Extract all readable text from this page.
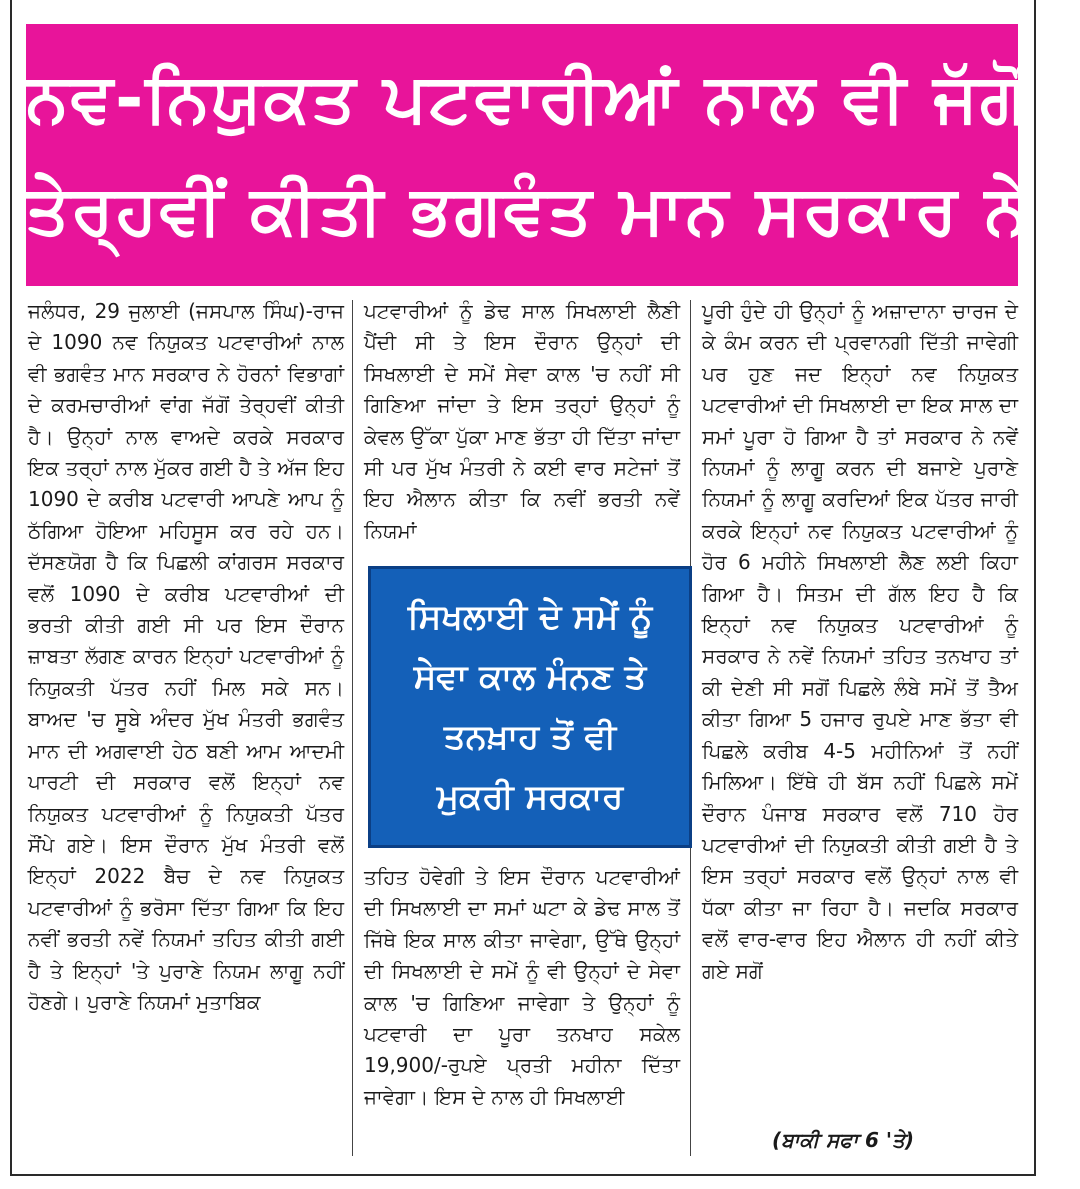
ਨਵ-ਨਿਯੁਕਤ ਪਟਵਾਰੀਆਂ ਨਾਲ ਵੀ ਜੱਗੋਂ
ਤੇਰ੍ਹਵੀਂ ਕੀਤੀ ਭਗਵੰਤ ਮਾਨ ਸਰਕਾਰ ਨੇ

ਜਲੰਧਰ, 29 ਜੁਲਾਈ (ਜਸਪਾਲ ਸਿੰਘ)-ਰਾਜ ਦੇ 1090 ਨਵ ਨਿਯੁਕਤ ਪਟਵਾਰੀਆਂ ਨਾਲ ਵੀ ਭਗਵੰਤ ਮਾਨ ਸਰਕਾਰ ਨੇ ਹੋਰਨਾਂ ਵਿਭਾਗਾਂ ਦੇ ਕਰਮਚਾਰੀਆਂ ਵਾਂਗ ਜੱਗੋਂ ਤੇਰ੍ਹਵੀਂ ਕੀਤੀ ਹੈ। ਉਨ੍ਹਾਂ ਨਾਲ ਵਾਅਦੇ ਕਰਕੇ ਸਰਕਾਰ ਇਕ ਤਰ੍ਹਾਂ ਨਾਲ ਮੁੱਕਰ ਗਈ ਹੈ ਤੇ ਅੱਜ ਇਹ 1090 ਦੇ ਕਰੀਬ ਪਟਵਾਰੀ ਆਪਣੇ ਆਪ ਨੂੰ ਠੱਗਿਆ ਹੋਇਆ ਮਹਿਸੂਸ ਕਰ ਰਹੇ ਹਨ। ਦੱਸਣਯੋਗ ਹੈ ਕਿ ਪਿਛਲੀ ਕਾਂਗਰਸ ਸਰਕਾਰ ਵਲੋਂ 1090 ਦੇ ਕਰੀਬ ਪਟਵਾਰੀਆਂ ਦੀ ਭਰਤੀ ਕੀਤੀ ਗਈ ਸੀ ਪਰ ਇਸ ਦੌਰਾਨ ਜ਼ਾਬਤਾ ਲੱਗਣ ਕਾਰਨ ਇਨ੍ਹਾਂ ਪਟਵਾਰੀਆਂ ਨੂੰ ਨਿਯੁਕਤੀ ਪੱਤਰ ਨਹੀਂ ਮਿਲ ਸਕੇ ਸਨ। ਬਾਅਦ 'ਚ ਸੂਬੇ ਅੰਦਰ ਮੁੱਖ ਮੰਤਰੀ ਭਗਵੰਤ ਮਾਨ ਦੀ ਅਗਵਾਈ ਹੇਠ ਬਣੀ ਆਮ ਆਦਮੀ ਪਾਰਟੀ ਦੀ ਸਰਕਾਰ ਵਲੋਂ ਇਨ੍ਹਾਂ ਨਵ ਨਿਯੁਕਤ ਪਟਵਾਰੀਆਂ ਨੂੰ ਨਿਯੁਕਤੀ ਪੱਤਰ ਸੌਂਪੇ ਗਏ। ਇਸ ਦੌਰਾਨ ਮੁੱਖ ਮੰਤਰੀ ਵਲੋਂ ਇਨ੍ਹਾਂ 2022 ਬੈਚ ਦੇ ਨਵ ਨਿਯੁਕਤ ਪਟਵਾਰੀਆਂ ਨੂੰ ਭਰੋਸਾ ਦਿੱਤਾ ਗਿਆ ਕਿ ਇਹ ਨਵੀਂ ਭਰਤੀ ਨਵੇਂ ਨਿਯਮਾਂ ਤਹਿਤ ਕੀਤੀ ਗਈ ਹੈ ਤੇ ਇਨ੍ਹਾਂ 'ਤੇ ਪੁਰਾਣੇ ਨਿਯਮ ਲਾਗੂ ਨਹੀਂ ਹੋਣਗੇ। ਪੁਰਾਣੇ ਨਿਯਮਾਂ ਮੁਤਾਬਿਕ

ਪਟਵਾਰੀਆਂ ਨੂੰ ਡੇਢ ਸਾਲ ਸਿਖਲਾਈ ਲੈਣੀ ਪੈਂਦੀ ਸੀ ਤੇ ਇਸ ਦੌਰਾਨ ਉਨ੍ਹਾਂ ਦੀ ਸਿਖਲਾਈ ਦੇ ਸਮੇਂ ਸੇਵਾ ਕਾਲ 'ਚ ਨਹੀਂ ਸੀ ਗਿਣਿਆ ਜਾਂਦਾ ਤੇ ਇਸ ਤਰ੍ਹਾਂ ਉਨ੍ਹਾਂ ਨੂੰ ਕੇਵਲ ਉੱਕਾ ਪੁੱਕਾ ਮਾਣ ਭੱਤਾ ਹੀ ਦਿੱਤਾ ਜਾਂਦਾ ਸੀ ਪਰ ਮੁੱਖ ਮੰਤਰੀ ਨੇ ਕਈ ਵਾਰ ਸਟੇਜਾਂ ਤੋਂ ਇਹ ਐਲਾਨ ਕੀਤਾ ਕਿ ਨਵੀਂ ਭਰਤੀ ਨਵੇਂ ਨਿਯਮਾਂ

ਸਿਖਲਾਈ ਦੇ ਸਮੇਂ ਨੂੰ
ਸੇਵਾ ਕਾਲ ਮੰਨਣ ਤੇ
ਤਨਖ਼ਾਹ ਤੋਂ ਵੀ
ਮੁਕਰੀ ਸਰਕਾਰ

ਤਹਿਤ ਹੋਵੇਗੀ ਤੇ ਇਸ ਦੌਰਾਨ ਪਟਵਾਰੀਆਂ ਦੀ ਸਿਖਲਾਈ ਦਾ ਸਮਾਂ ਘਟਾ ਕੇ ਡੇਢ ਸਾਲ ਤੋਂ ਜਿੱਥੇ ਇਕ ਸਾਲ ਕੀਤਾ ਜਾਵੇਗਾ, ਉੱਥੇ ਉਨ੍ਹਾਂ ਦੀ ਸਿਖਲਾਈ ਦੇ ਸਮੇਂ ਨੂੰ ਵੀ ਉਨ੍ਹਾਂ ਦੇ ਸੇਵਾ ਕਾਲ 'ਚ ਗਿਣਿਆ ਜਾਵੇਗਾ ਤੇ ਉਨ੍ਹਾਂ ਨੂੰ ਪਟਵਾਰੀ ਦਾ ਪੂਰਾ ਤਨਖਾਹ ਸਕੇਲ 19,900/-ਰੁਪਏ ਪ੍ਰਤੀ ਮਹੀਨਾ ਦਿੱਤਾ ਜਾਵੇਗਾ। ਇਸ ਦੇ ਨਾਲ ਹੀ ਸਿਖਲਾਈ

ਪੂਰੀ ਹੁੰਦੇ ਹੀ ਉਨ੍ਹਾਂ ਨੂੰ ਅਜ਼ਾਦਾਨਾ ਚਾਰਜ ਦੇ ਕੇ ਕੰਮ ਕਰਨ ਦੀ ਪ੍ਰਵਾਨਗੀ ਦਿੱਤੀ ਜਾਵੇਗੀ ਪਰ ਹੁਣ ਜਦ ਇਨ੍ਹਾਂ ਨਵ ਨਿਯੁਕਤ ਪਟਵਾਰੀਆਂ ਦੀ ਸਿਖਲਾਈ ਦਾ ਇਕ ਸਾਲ ਦਾ ਸਮਾਂ ਪੂਰਾ ਹੋ ਗਿਆ ਹੈ ਤਾਂ ਸਰਕਾਰ ਨੇ ਨਵੇਂ ਨਿਯਮਾਂ ਨੂੰ ਲਾਗੂ ਕਰਨ ਦੀ ਬਜਾਏ ਪੁਰਾਣੇ ਨਿਯਮਾਂ ਨੂੰ ਲਾਗੂ ਕਰਦਿਆਂ ਇਕ ਪੱਤਰ ਜਾਰੀ ਕਰਕੇ ਇਨ੍ਹਾਂ ਨਵ ਨਿਯੁਕਤ ਪਟਵਾਰੀਆਂ ਨੂੰ ਹੋਰ 6 ਮਹੀਨੇ ਸਿਖਲਾਈ ਲੈਣ ਲਈ ਕਿਹਾ ਗਿਆ ਹੈ। ਸਿਤਮ ਦੀ ਗੱਲ ਇਹ ਹੈ ਕਿ ਇਨ੍ਹਾਂ ਨਵ ਨਿਯੁਕਤ ਪਟਵਾਰੀਆਂ ਨੂੰ ਸਰਕਾਰ ਨੇ ਨਵੇਂ ਨਿਯਮਾਂ ਤਹਿਤ ਤਨਖਾਹ ਤਾਂ ਕੀ ਦੇਣੀ ਸੀ ਸਗੋਂ ਪਿਛਲੇ ਲੰਬੇ ਸਮੇਂ ਤੋਂ ਤੈਅ ਕੀਤਾ ਗਿਆ 5 ਹਜਾਰ ਰੁਪਏ ਮਾਣ ਭੱਤਾ ਵੀ ਪਿਛਲੇ ਕਰੀਬ 4-5 ਮਹੀਨਿਆਂ ਤੋਂ ਨਹੀਂ ਮਿਲਿਆ। ਇੱਥੇ ਹੀ ਬੱਸ ਨਹੀਂ ਪਿਛਲੇ ਸਮੇਂ ਦੌਰਾਨ ਪੰਜਾਬ ਸਰਕਾਰ ਵਲੋਂ 710 ਹੋਰ ਪਟਵਾਰੀਆਂ ਦੀ ਨਿਯੁਕਤੀ ਕੀਤੀ ਗਈ ਹੈ ਤੇ ਇਸ ਤਰ੍ਹਾਂ ਸਰਕਾਰ ਵਲੋਂ ਉਨ੍ਹਾਂ ਨਾਲ ਵੀ ਧੱਕਾ ਕੀਤਾ ਜਾ ਰਿਹਾ ਹੈ। ਜਦਕਿ ਸਰਕਾਰ ਵਲੋਂ ਵਾਰ-ਵਾਰ ਇਹ ਐਲਾਨ ਹੀ ਨਹੀਂ ਕੀਤੇ ਗਏ ਸਗੋਂ

(ਬਾਕੀ ਸਫਾ 6 'ਤੇ)
